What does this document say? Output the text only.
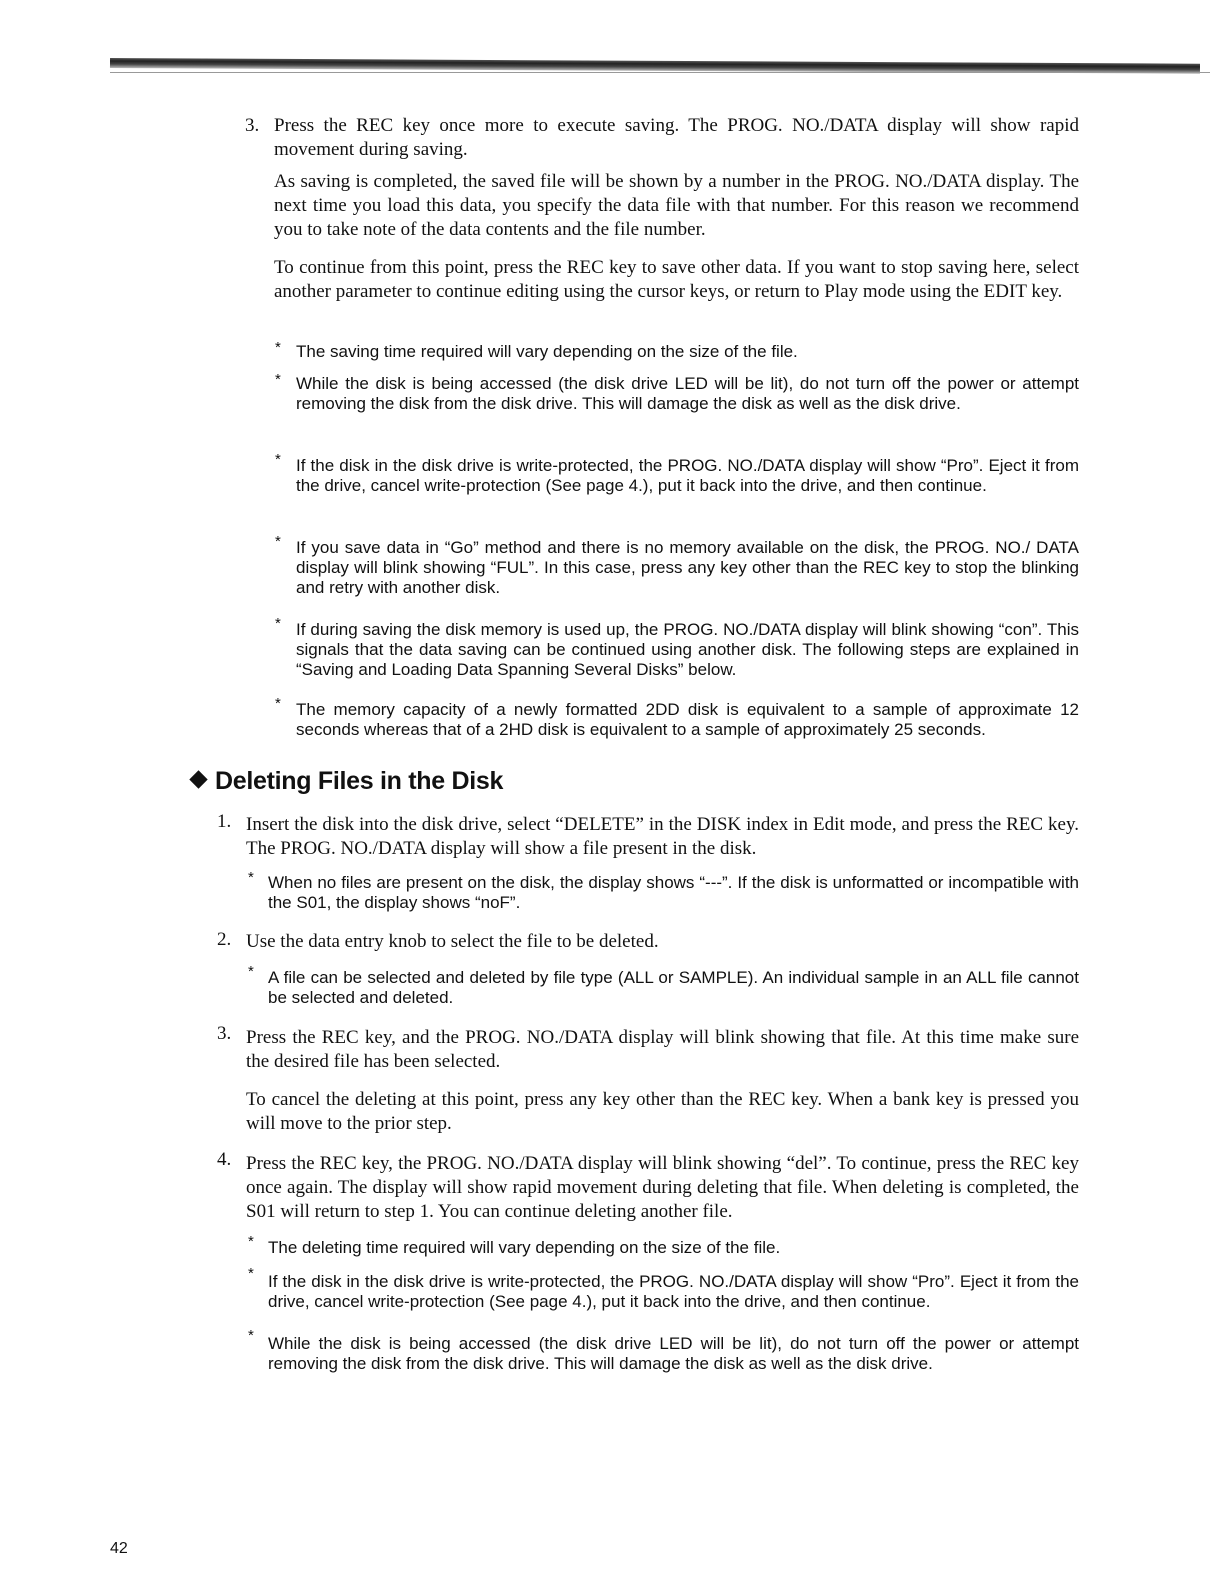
3. Press the REC key once more to execute saving. The PROG. NO./DATA display will show rapid movement during saving.

As saving is completed, the saved file will be shown by a number in the PROG. NO./DATA display. The next time you load this data, you specify the data file with that number. For this reason we recommend you to take note of the data contents and the file number.

To continue from this point, press the REC key to save other data. If you want to stop saving here, select another parameter to continue editing using the cursor keys, or return to Play mode using the EDIT key.

* The saving time required will vary depending on the size of the file.

* While the disk is being accessed (the disk drive LED will be lit), do not turn off the power or attempt removing the disk from the disk drive. This will damage the disk as well as the disk drive.

* If the disk in the disk drive is write-protected, the PROG. NO./DATA display will show “Pro”. Eject it from the drive, cancel write-protection (See page 4.), put it back into the drive, and then continue.

* If you save data in “Go” method and there is no memory available on the disk, the PROG. NO./ DATA display will blink showing “FUL”. In this case, press any key other than the REC key to stop the blinking and retry with another disk.

* If during saving the disk memory is used up, the PROG. NO./DATA display will blink showing “con”. This signals that the data saving can be continued using another disk. The following steps are explained in “Saving and Loading Data Spanning Several Disks” below.

* The memory capacity of a newly formatted 2DD disk is equivalent to a sample of approximate 12 seconds whereas that of a 2HD disk is equivalent to a sample of approximately 25 seconds.

Deleting Files in the Disk
1. Insert the disk into the disk drive, select “DELETE” in the DISK index in Edit mode, and press the REC key. The PROG. NO./DATA display will show a file present in the disk.

* When no files are present on the disk, the display shows “---”. If the disk is unformatted or incompatible with the S01, the display shows “noF”.

2. Use the data entry knob to select the file to be deleted.

* A file can be selected and deleted by file type (ALL or SAMPLE). An individual sample in an ALL file cannot be selected and deleted.

3. Press the REC key, and the PROG. NO./DATA display will blink showing that file. At this time make sure the desired file has been selected.

To cancel the deleting at this point, press any key other than the REC key. When a bank key is pressed you will move to the prior step.

4. Press the REC key, the PROG. NO./DATA display will blink showing “del”. To continue, press the REC key once again. The display will show rapid movement during deleting that file. When deleting is completed, the S01 will return to step 1. You can continue deleting another file.

* The deleting time required will vary depending on the size of the file.

* If the disk in the disk drive is write-protected, the PROG. NO./DATA display will show “Pro”. Eject it from the drive, cancel write-protection (See page 4.), put it back into the drive, and then continue.

* While the disk is being accessed (the disk drive LED will be lit), do not turn off the power or attempt removing the disk from the disk drive. This will damage the disk as well as the disk drive.

42
